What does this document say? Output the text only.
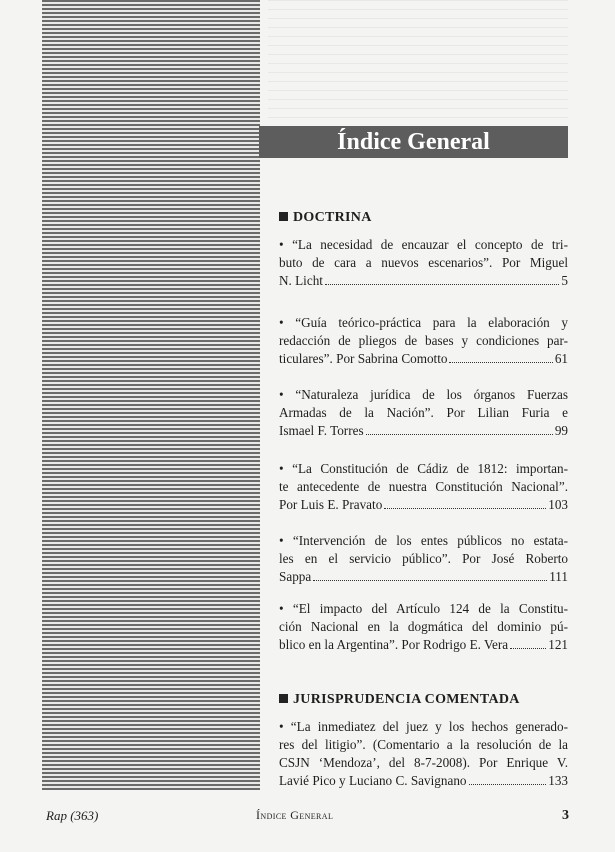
Índice General
DOCTRINA
• “La necesidad de encauzar el concepto de tri-
buto de cara a nuevos escenarios”. Por Miguel
N. Licht	5
• “Guía teórico-práctica para la elaboración y
redacción de pliegos de bases y condiciones par-
ticulares”. Por Sabrina Comotto	61
• “Naturaleza jurídica de los órganos Fuerzas
Armadas de la Nación”. Por Lilian Furia e
Ismael F. Torres	99
• “La Constitución de Cádiz de 1812: importan-
te antecedente de nuestra Constitución Nacional”.
Por Luis E. Pravato	103
• “Intervención de los entes públicos no estata-
les en el servicio público”. Por José Roberto
Sappa	111
• “El impacto del Artículo 124 de la Constitu-
ción Nacional en la dogmática del dominio pú-
blico en la Argentina”. Por Rodrigo E. Vera	121
JURISPRUDENCIA COMENTADA
• “La inmediatez del juez y los hechos generado-
res del litigio”. (Comentario a la resolución de la
CSJN ‘Mendoza’, del 8-7-2008). Por Enrique V.
Lavié Pico y Luciano C. Savignano	133
Rap (363)	Índice General	3
